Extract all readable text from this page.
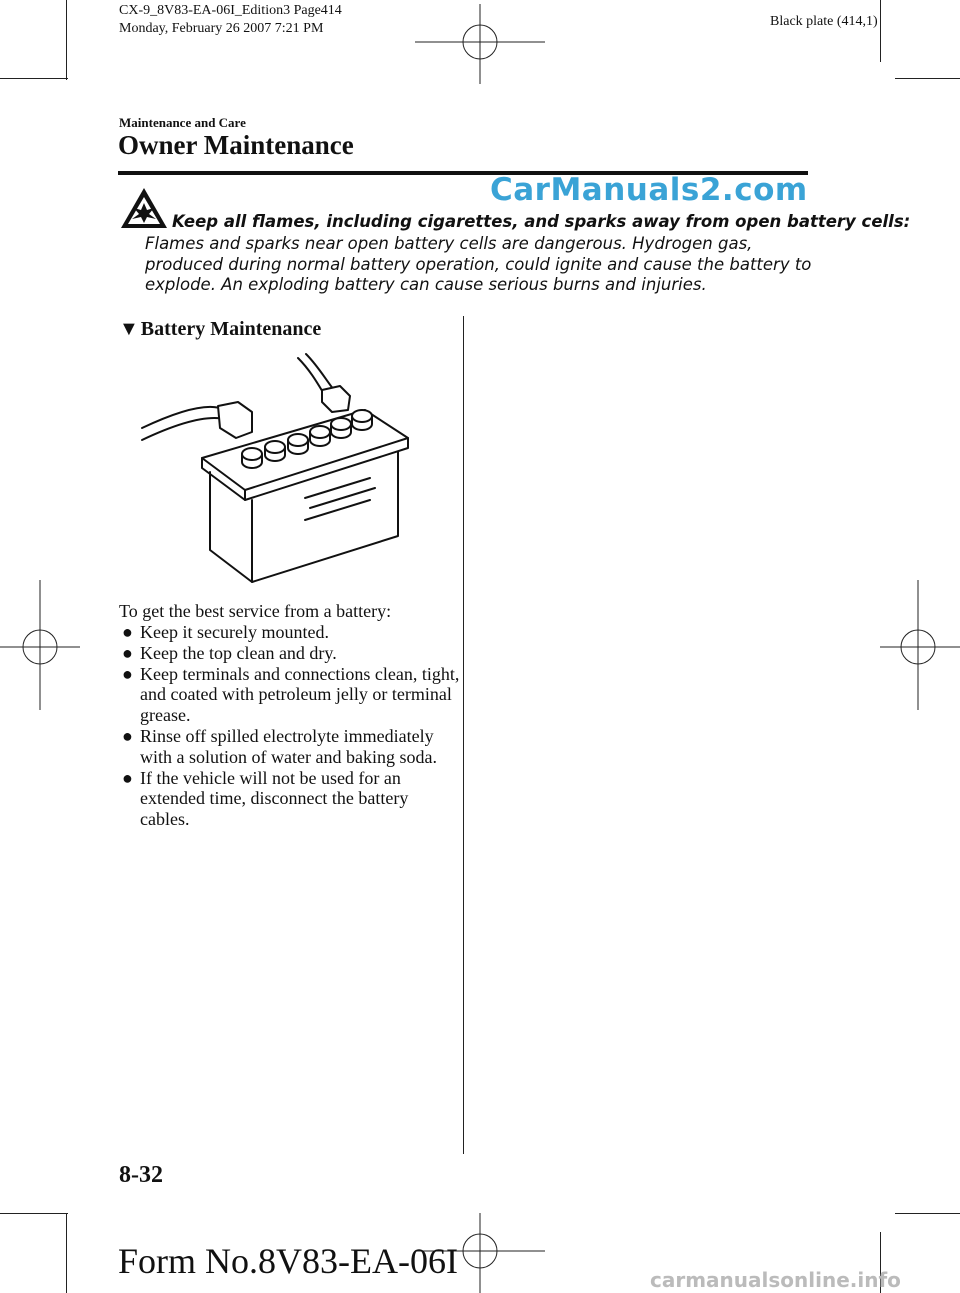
CX-9_8V83-EA-06I_Edition3 Page414
Monday, February 26 2007 7:21 PM	Black plate (414,1)
Maintenance and Care
Owner Maintenance
CarManuals2.com
Keep all flames, including cigarettes, and sparks away from open battery cells:
Flames and sparks near open battery cells are dangerous. Hydrogen gas, produced during normal battery operation, could ignite and cause the battery to explode. An exploding battery can cause serious burns and injuries.
▼ Battery Maintenance
To get the best service from a battery:
● Keep it securely mounted.
● Keep the top clean and dry.
● Keep terminals and connections clean, tight, and coated with petroleum jelly or terminal grease.
● Rinse off spilled electrolyte immediately with a solution of water and baking soda.
● If the vehicle will not be used for an extended time, disconnect the battery cables.
8-32
Form No.8V83-EA-06I	carmanualsonline.info
